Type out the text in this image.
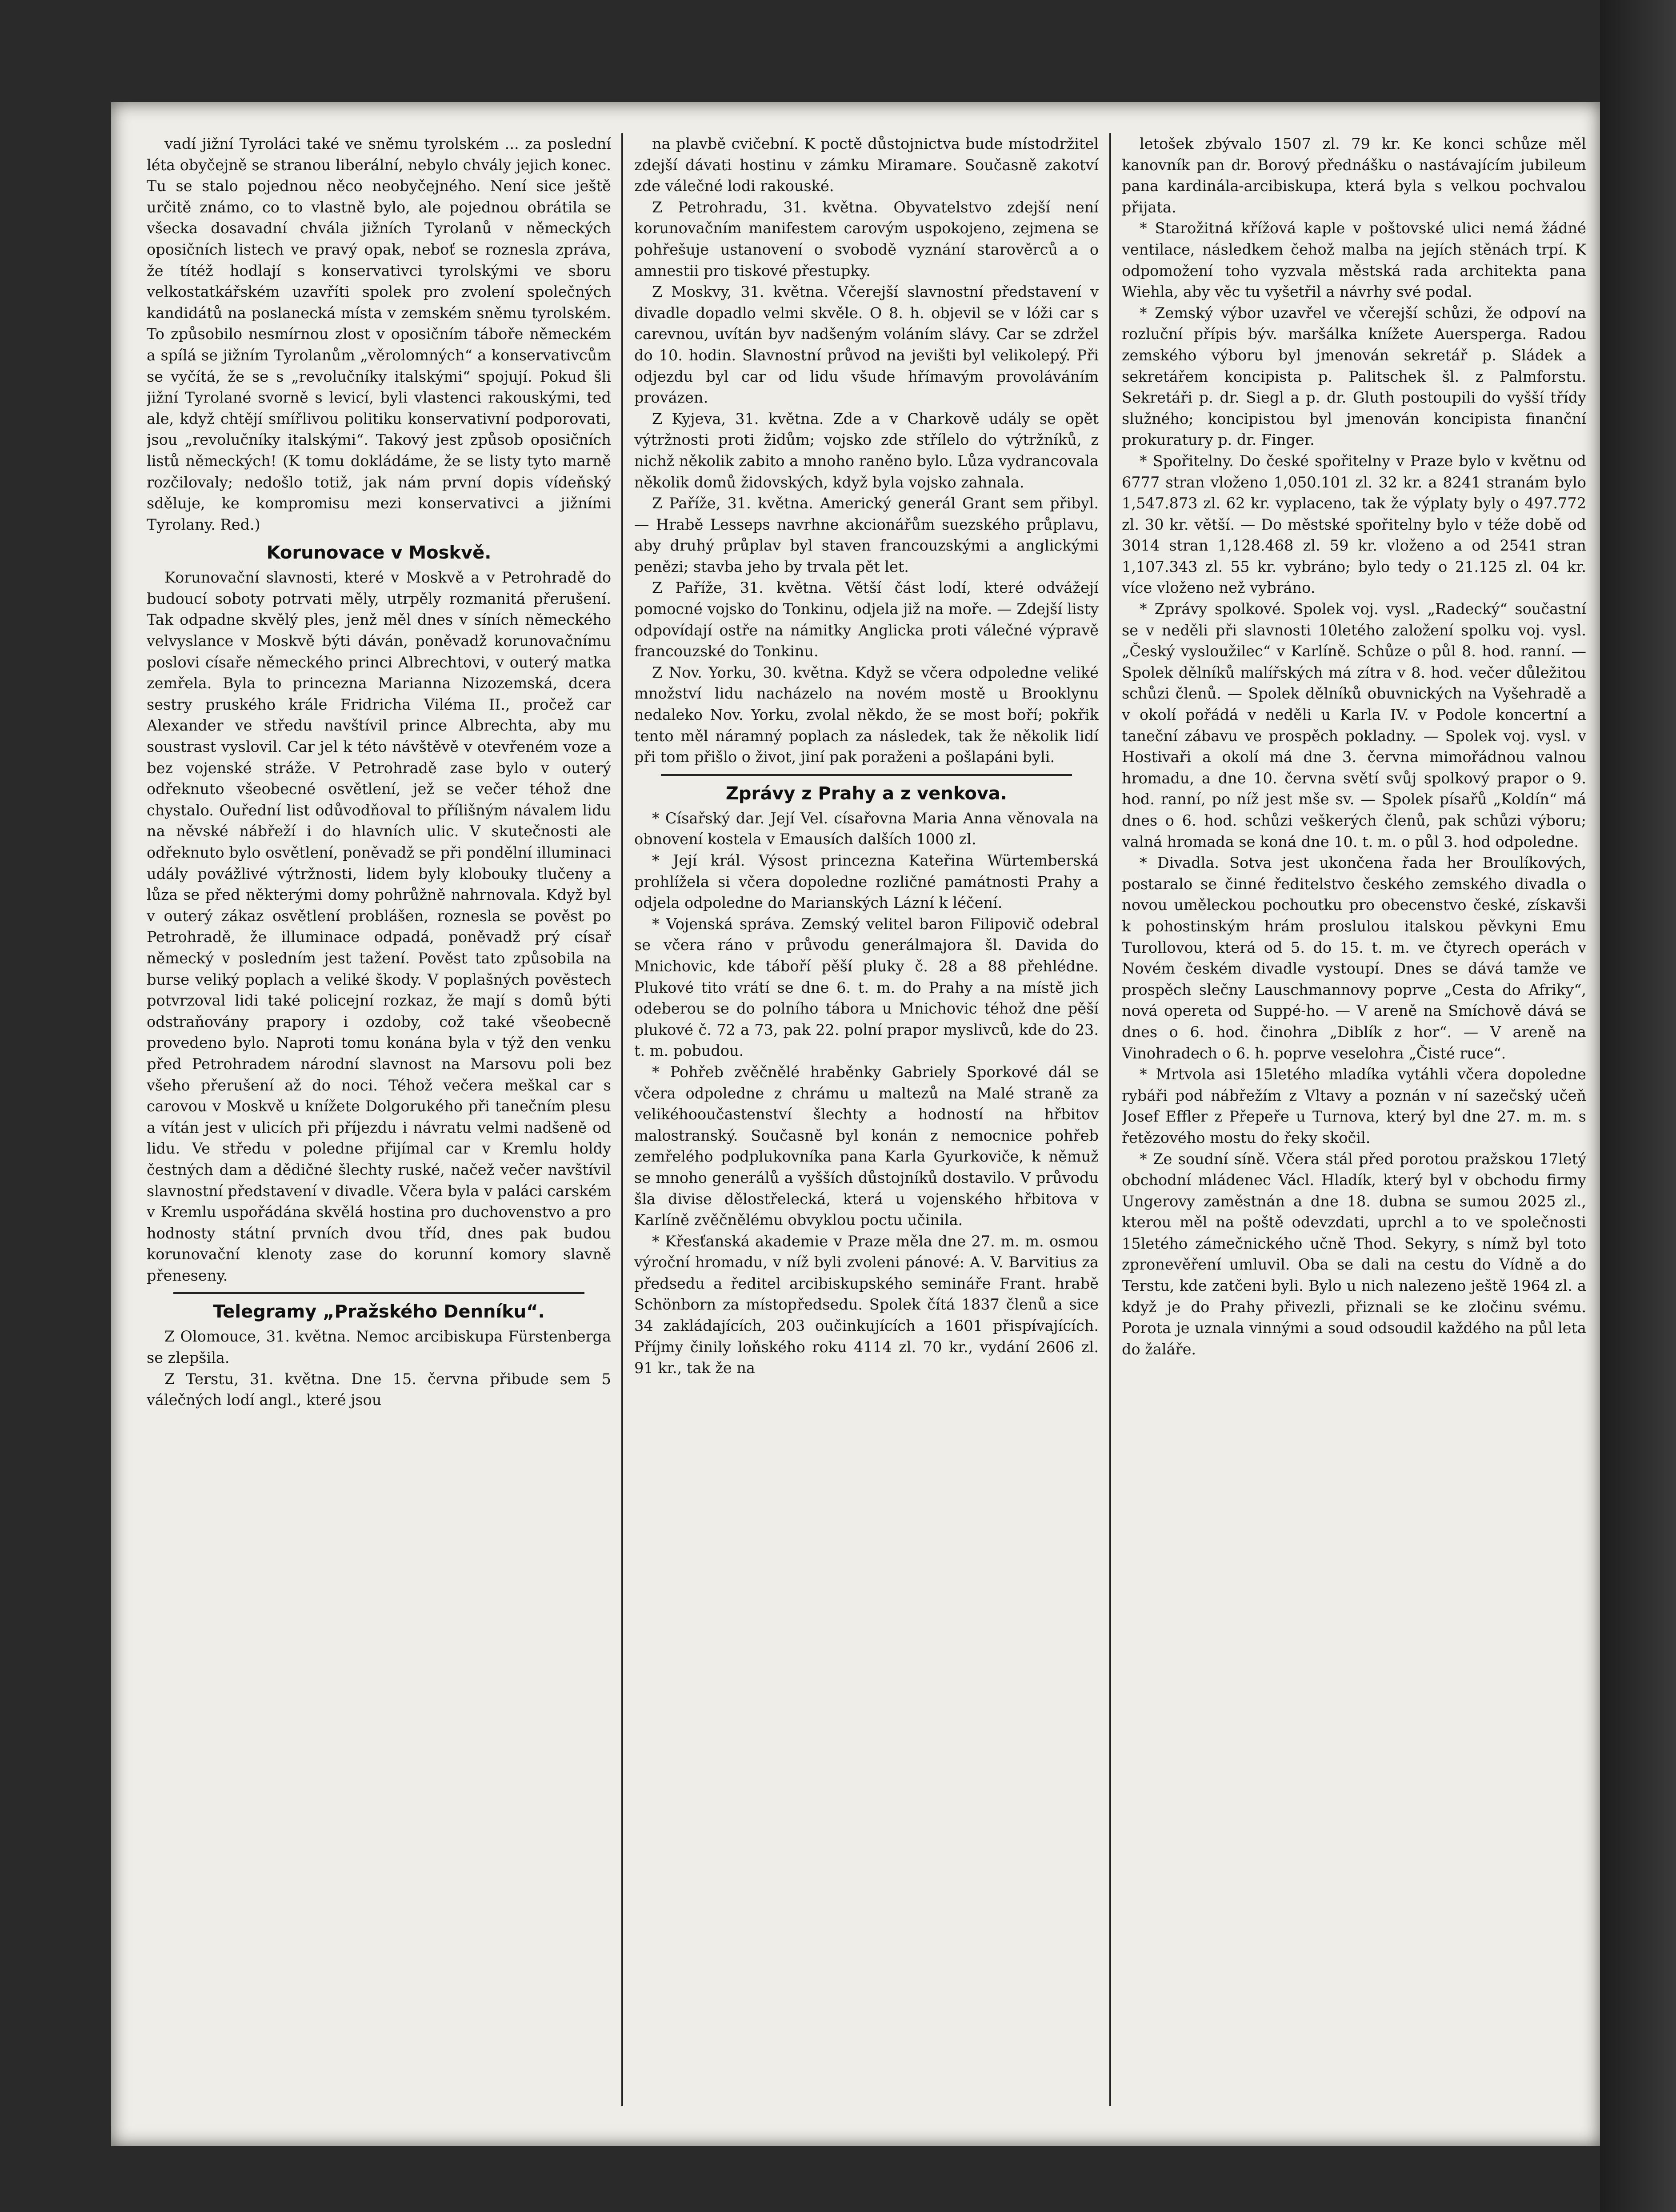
vadí jižní Tyroláci také ve sněmu tyrolském ... za poslední léta obyčejně se stranou liberální, nebylo chvály jejich konec. Tu se stalo pojednou něco neobyčejného. Není sice ještě určitě známo, co to vlastně bylo, ale pojednou obrátila se všecka dosavadní chvála jižních Tyrolanů v německých oposičních listech ve pravý opak, neboť se roznesla zpráva, že títéž hodlají s konservativci tyrolskými ve sboru velkostatkářském uzavříti spolek pro zvolení společných kandidátů na poslanecká místa v zemském sněmu tyrolském. To způsobilo nesmírnou zlost v oposičním táboře německém a spílá se jižním Tyrolanům „věrolomných“ a konservativcům se vyčítá, že se s „revolučníky italskými“ spojují. Pokud šli jižní Tyrolané svorně s levicí, byli vlastenci rakouskými, teď ale, když chtějí smířlivou politiku konservativní podporovati, jsou „revolučníky italskými“. Takový jest způsob oposičních listů německých! (K tomu dokládáme, že se listy tyto marně rozčilovaly; nedošlo totiž, jak nám první dopis vídeňský sděluje, ke kompromisu mezi konservativci a jižními Tyrolany. Red.)

Korunovace v Moskvě.

Korunovační slavnosti, které v Moskvě a v Petrohradě do budoucí soboty potrvati měly, utrpěly rozmanitá přerušení. Tak odpadne skvělý ples, jenž měl dnes v síních německého velvyslance v Moskvě býti dáván, poněvadž korunovačnímu poslovi císaře německého princi Albrechtovi, v outerý matka zemřela. Byla to princezna Marianna Nizozemská, dcera sestry pruského krále Fridricha Viléma II., pročež car Alexander ve středu navštívil prince Albrechta, aby mu soustrast vyslovil. Car jel k této návštěvě v otevřeném voze a bez vojenské stráže. V Petrohradě zase bylo v outerý odřeknuto všeobecné osvětlení, jež se večer téhož dne chystalo. Ouřední list odůvodňoval to přílišným návalem lidu na něvské nábřeží i do hlavních ulic. V skutečnosti ale odřeknuto bylo osvětlení, poněvadž se při pondělní illuminaci udály povážlivé výtržnosti, lidem byly klobouky tlučeny a lůza se před některými domy pohrůžně nahrnovala. Když byl v outerý zákaz osvětlení problášen, roznesla se pověst po Petrohradě, že illuminace odpadá, poněvadž prý císař německý v posledním jest tažení. Pověst tato způsobila na burse veliký poplach a veliké škody. V poplašných pověstech potvrzoval lidi také policejní rozkaz, že mají s domů býti odstraňovány prapory i ozdoby, což také všeobecně provedeno bylo. Naproti tomu konána byla v týž den venku před Petrohradem národní slavnost na Marsovu poli bez všeho přerušení až do noci. Téhož večera meškal car s carovou v Moskvě u knížete Dolgorukého při tanečním plesu a vítán jest v ulicích při příjezdu i návratu velmi nadšeně od lidu. Ve středu v poledne přijímal car v Kremlu holdy čestných dam a dědičné šlechty ruské, načež večer navštívil slavnostní představení v divadle. Včera byla v paláci carském v Kremlu uspořádána skvělá hostina pro duchovenstvo a pro hodnosty státní prvních dvou tříd, dnes pak budou korunovační klenoty zase do korunní komory slavně přeneseny.

Telegramy „Pražského Denníku“.

Z Olomouce, 31. května. Nemoc arcibiskupa Fürstenberga se zlepšila.

Z Terstu, 31. května. Dne 15. června přibude sem 5 válečných lodí angl., které jsou

na plavbě cvičební. K poctě důstojnictva bude místodržitel zdejší dávati hostinu v zámku Miramare. Současně zakotví zde válečné lodi rakouské.

Z Petrohradu, 31. května. Obyvatelstvo zdejší není korunovačním manifestem carovým uspokojeno, zejmena se pohřešuje ustanovení o svobodě vyznání starověrců a o amnestii pro tiskové přestupky.

Z Moskvy, 31. května. Včerejší slavnostní představení v divadle dopadlo velmi skvěle. O 8. h. objevil se v lóži car s carevnou, uvítán byv nadšeným voláním slávy. Car se zdržel do 10. hodin. Slavnostní průvod na jevišti byl velikolepý. Při odjezdu byl car od lidu všude hřímavým provoláváním provázen.

Z Kyjeva, 31. května. Zde a v Charkově udály se opět výtržnosti proti židům; vojsko zde střílelo do výtržníků, z nichž několik zabito a mnoho raněno bylo. Lůza vydrancovala několik domů židovských, když byla vojsko zahnala.

Z Paříže, 31. května. Americký generál Grant sem přibyl. — Hrabě Lesseps navrhne akcionářům suezského průplavu, aby druhý průplav byl staven francouzskými a anglickými penězi; stavba jeho by trvala pět let.

Z Paříže, 31. května. Větší část lodí, které odvážejí pomocné vojsko do Tonkinu, odjela již na moře. — Zdejší listy odpovídají ostře na námitky Anglicka proti válečné výpravě francouzské do Tonkinu.

Z Nov. Yorku, 30. května. Když se včera odpoledne veliké množství lidu nacházelo na novém mostě u Brooklynu nedaleko Nov. Yorku, zvolal někdo, že se most boří; pokřik tento měl náramný poplach za následek, tak že několik lidí při tom přišlo o život, jiní pak poraženi a pošlapáni byli.

Zprávy z Prahy a z venkova.

* Císařský dar. Její Vel. císařovna Maria Anna věnovala na obnovení kostela v Emausích dalších 1000 zl.

* Její král. Výsost princezna Kateřina Würtemberská prohlížela si včera dopoledne rozličné památnosti Prahy a odjela odpoledne do Marianských Lázní k léčení.

* Vojenská správa. Zemský velitel baron Filipovič odebral se včera ráno v průvodu generálmajora šl. Davida do Mnichovic, kde táboří pěší pluky č. 28 a 88 přehlédne. Plukové tito vrátí se dne 6. t. m. do Prahy a na místě jich odeberou se do polního tábora u Mnichovic téhož dne pěší plukové č. 72 a 73, pak 22. polní prapor myslivců, kde do 23. t. m. pobudou.

* Pohřeb zvěčnělé hraběnky Gabriely Sporkové dál se včera odpoledne z chrámu u maltezů na Malé straně za velikéhooučastenství šlechty a hodností na hřbitov malostranský. Současně byl konán z nemocnice pohřeb zemřelého podplukovníka pana Karla Gyurkoviče, k němuž se mnoho generálů a vyšších důstojníků dostavilo. V průvodu šla divise dělostřelecká, která u vojenského hřbitova v Karlíně zvěčnělému obvyklou poctu učinila.

* Křesťanská akademie v Praze měla dne 27. m. m. osmou výroční hromadu, v níž byli zvoleni pánové: A. V. Barvitius za předsedu a ředitel arcibiskupského semináře Frant. hrabě Schönborn za místopředsedu. Spolek čítá 1837 členů a sice 34 zakládajících, 203 oučinkujících a 1601 přispívajících. Příjmy činily loňského roku 4114 zl. 70 kr., vydání 2606 zl. 91 kr., tak že na

letošek zbývalo 1507 zl. 79 kr. Ke konci schůze měl kanovník pan dr. Borový přednášku o nastávajícím jubileum pana kardinála-arcibiskupa, která byla s velkou pochvalou přijata.

* Starožitná křížová kaple v poštovské ulici nemá žádné ventilace, následkem čehož malba na jejích stěnách trpí. K odpomožení toho vyzvala městská rada architekta pana Wiehla, aby věc tu vyšetřil a návrhy své podal.

* Zemský výbor uzavřel ve včerejší schůzi, že odpoví na rozluční přípis býv. maršálka knížete Auersperga. Radou zemského výboru byl jmenován sekretář p. Sládek a sekretářem koncipista p. Palitschek šl. z Palmforstu. Sekretáři p. dr. Siegl a p. dr. Gluth postoupili do vyšší třídy služného; koncipistou byl jmenován koncipista finanční prokuratury p. dr. Finger.

* Spořitelny. Do české spořitelny v Praze bylo v květnu od 6777 stran vloženo 1,050.101 zl. 32 kr. a 8241 stranám bylo 1,547.873 zl. 62 kr. vyplaceno, tak že výplaty byly o 497.772 zl. 30 kr. větší. — Do městské spořitelny bylo v téže době od 3014 stran 1,128.468 zl. 59 kr. vloženo a od 2541 stran 1,107.343 zl. 55 kr. vybráno; bylo tedy o 21.125 zl. 04 kr. více vloženo než vybráno.

* Zprávy spolkové. Spolek voj. vysl. „Radecký“ součastní se v neděli při slavnosti 10letého založení spolku voj. vysl. „Český vysloužilec“ v Karlíně. Schůze o půl 8. hod. ranní. — Spolek dělníků malířských má zítra v 8. hod. večer důležitou schůzi členů. — Spolek dělníků obuvnických na Vyšehradě a v okolí pořádá v neděli u Karla IV. v Podole koncertní a taneční zábavu ve prospěch pokladny. — Spolek voj. vysl. v Hostivaři a okolí má dne 3. června mimořádnou valnou hromadu, a dne 10. června světí svůj spolkový prapor o 9. hod. ranní, po níž jest mše sv. — Spolek písařů „Koldín“ má dnes o 6. hod. schůzi veškerých členů, pak schůzi výboru; valná hromada se koná dne 10. t. m. o půl 3. hod odpoledne.

* Divadla. Sotva jest ukončena řada her Broulíkových, postaralo se činné ředitelstvo českého zemského divadla o novou uměleckou pochoutku pro obecenstvo české, získavši k pohostinským hrám proslulou italskou pěvkyni Emu Turollovou, která od 5. do 15. t. m. ve čtyrech operách v Novém českém divadle vystoupí. Dnes se dává tamže ve prospěch slečny Lauschmannovy poprve „Cesta do Afriky“, nová opereta od Suppé-ho. — V areně na Smíchově dává se dnes o 6. hod. činohra „Diblík z hor“. — V areně na Vinohradech o 6. h. poprve veselohra „Čisté ruce“.

* Mrtvola asi 15letého mladíka vytáhli včera dopoledne rybáři pod nábřežím z Vltavy a poznán v ní sazečský učeň Josef Effler z Přepeře u Turnova, který byl dne 27. m. m. s řetězového mostu do řeky skočil.

* Ze soudní síně. Včera stál před porotou pražskou 17letý obchodní mládenec Václ. Hladík, který byl v obchodu firmy Ungerovy zaměstnán a dne 18. dubna se sumou 2025 zl., kterou měl na poště odevzdati, uprchl a to ve společnosti 15letého zámečnického učně Thod. Sekyry, s nímž byl toto zpronevěření umluvil. Oba se dali na cestu do Vídně a do Terstu, kde zatčeni byli. Bylo u nich nalezeno ještě 1964 zl. a když je do Prahy přivezli, přiznali se ke zločinu svému. Porota je uznala vinnými a soud odsoudil každého na půl leta do žaláře.
